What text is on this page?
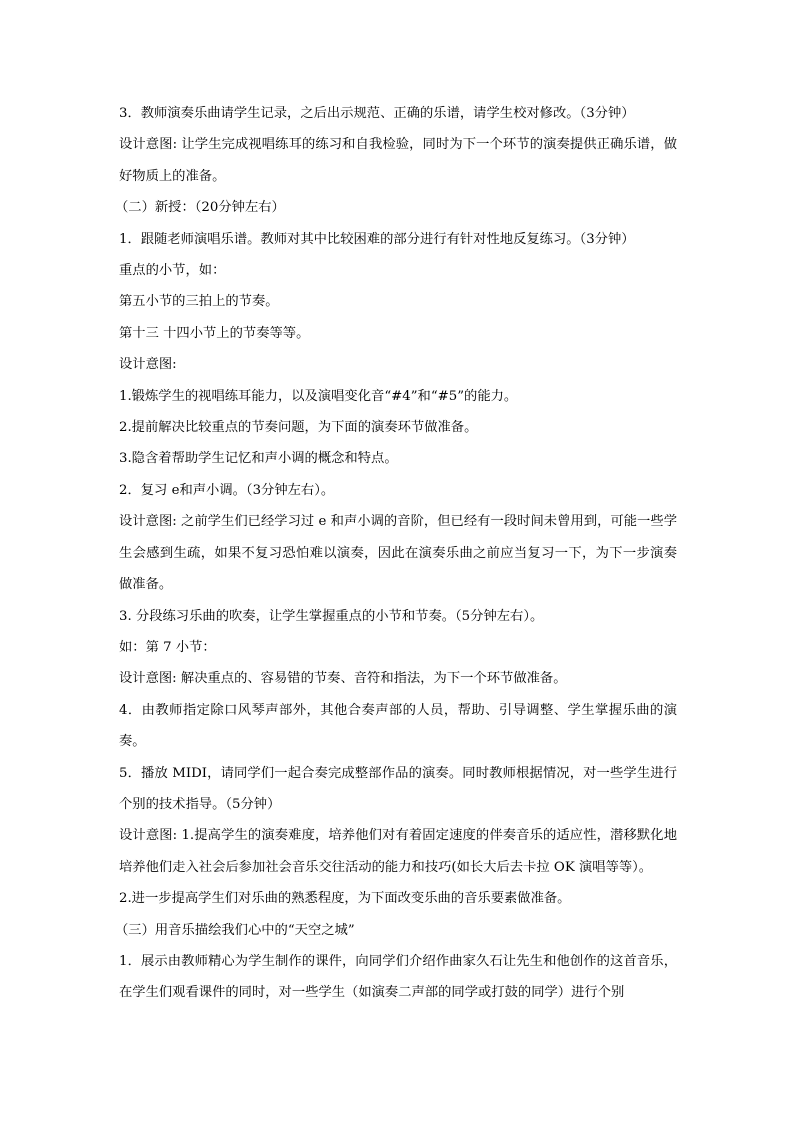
3．教师演奏乐曲请学生记录，之后出示规范、正确的乐谱，请学生校对修改。（3分钟）

设计意图: 让学生完成视唱练耳的练习和自我检验，同时为下一个环节的演奏提供正确乐谱，做好物质上的准备。

（二）新授：（20分钟左右）

1．跟随老师演唱乐谱。教师对其中比较困难的部分进行有针对性地反复练习。（3分钟）

重点的小节，如：

第五小节的三拍上的节奏。

第十三 十四小节上的节奏等等。

设计意图:

1.锻炼学生的视唱练耳能力，以及演唱变化音“#4”和“#5”的能力。

2.提前解决比较重点的节奏问题，为下面的演奏环节做准备。

3.隐含着帮助学生记忆和声小调的概念和特点。

2．复习 e和声小调。（3分钟左右）。

设计意图: 之前学生们已经学习过 e 和声小调的音阶，但已经有一段时间未曾用到，可能一些学生会感到生疏，如果不复习恐怕难以演奏，因此在演奏乐曲之前应当复习一下，为下一步演奏做准备。

3. 分段练习乐曲的吹奏，让学生掌握重点的小节和节奏。（5分钟左右）。

如：第 7 小节：

设计意图: 解决重点的、容易错的节奏、音符和指法，为下一个环节做准备。

4．由教师指定除口风琴声部外，其他合奏声部的人员，帮助、引导调整、学生掌握乐曲的演奏。

5．播放 MIDI，请同学们一起合奏完成整部作品的演奏。同时教师根据情况，对一些学生进行个别的技术指导。（5分钟）

设计意图: 1.提高学生的演奏难度，培养他们对有着固定速度的伴奏音乐的适应性，潜移默化地培养他们走入社会后参加社会音乐交往活动的能力和技巧(如长大后去卡拉 OK 演唱等等）。

2.进一步提高学生们对乐曲的熟悉程度，为下面改变乐曲的音乐要素做准备。

（三）用音乐描绘我们心中的“天空之城”

1．展示由教师精心为学生制作的课件，向同学们介绍作曲家久石让先生和他创作的这首音乐，在学生们观看课件的同时，对一些学生（如演奏二声部的同学或打鼓的同学）进行个别
